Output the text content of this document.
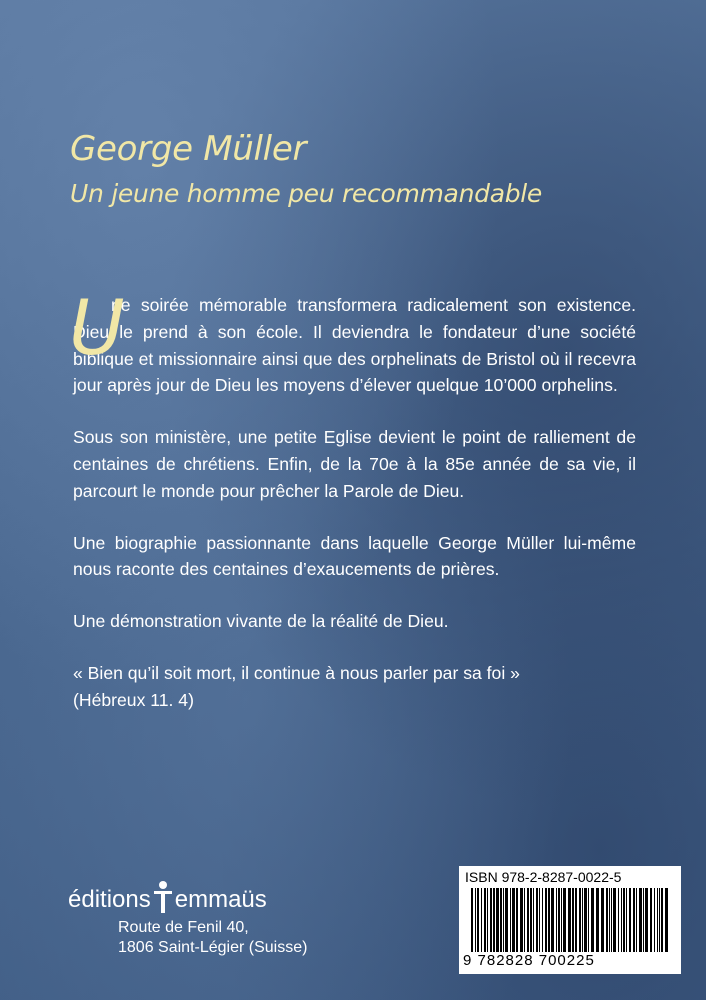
George Müller
Un jeune homme peu recommandable

U
ne soirée mémorable transformera radicalement son existence. Dieu le prend à son école. Il deviendra le fondateur d’une société biblique et missionnaire ainsi que des orphelinats de Bristol où il recevra jour après jour de Dieu les moyens d’élever quelque 10’000 orphelins.

Sous son ministère, une petite Eglise devient le point de ralliement de centaines de chrétiens. Enfin, de la 70e à la 85e année de sa vie, il parcourt le monde pour prêcher la Parole de Dieu.

Une biographie passionnante dans laquelle George Müller lui-même nous raconte des centaines d’exaucements de prières.

Une démonstration vivante de la réalité de Dieu.

« Bien qu’il soit mort, il continue à nous parler par sa foi »
(Hébreux 11. 4)

éditions emmaüs
Route de Fenil 40,
1806 Saint-Légier (Suisse)
ISBN 978-2-8287-0022-5
9 782828 700225
